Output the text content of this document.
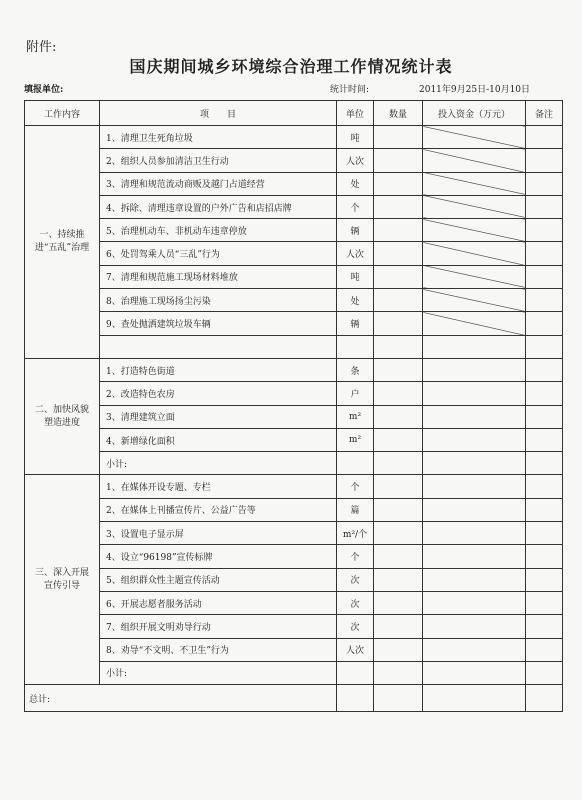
附件:
国庆期间城乡环境综合治理工作情况统计表
填报单位:	统计时间:	2011年9月25日-10月10日
工作内容	项　　目	单位	数量	投入资金（万元）	备注
一、持续推进“五乱”治理	1、清理卫生死角垃圾	吨			
	2、组织人员参加清洁卫生行动	人次			
	3、清理和规范流动商贩及越门占道经营	处			
	4、拆除、清理违章设置的户外广告和店招店牌	个			
	5、治理机动车、非机动车违章停放	辆			
	6、处罚驾乘人员“三乱”行为	人次			
	7、清理和规范施工现场材料堆放	吨			
	8、治理施工现场扬尘污染	处			
	9、查处抛洒建筑垃圾车辆	辆			

二、加快风貌塑造进度	1、打造特色街道	条			
	2、改造特色农房	户			
	3、清理建筑立面	m²			
	4、新增绿化面积	m²			
	小计:				
三、深入开展宣传引导	1、在媒体开设专题、专栏	个			
	2、在媒体上刊播宣传片、公益广告等	篇			
	3、设置电子显示屏	m²/个			
	4、设立“96198”宣传标牌	个			
	5、组织群众性主题宣传活动	次			
	6、开展志愿者服务活动	次			
	7、组织开展文明劝导行动	次			
	8、劝导“不文明、不卫生”行为	人次			
	小计:				
总计:					
